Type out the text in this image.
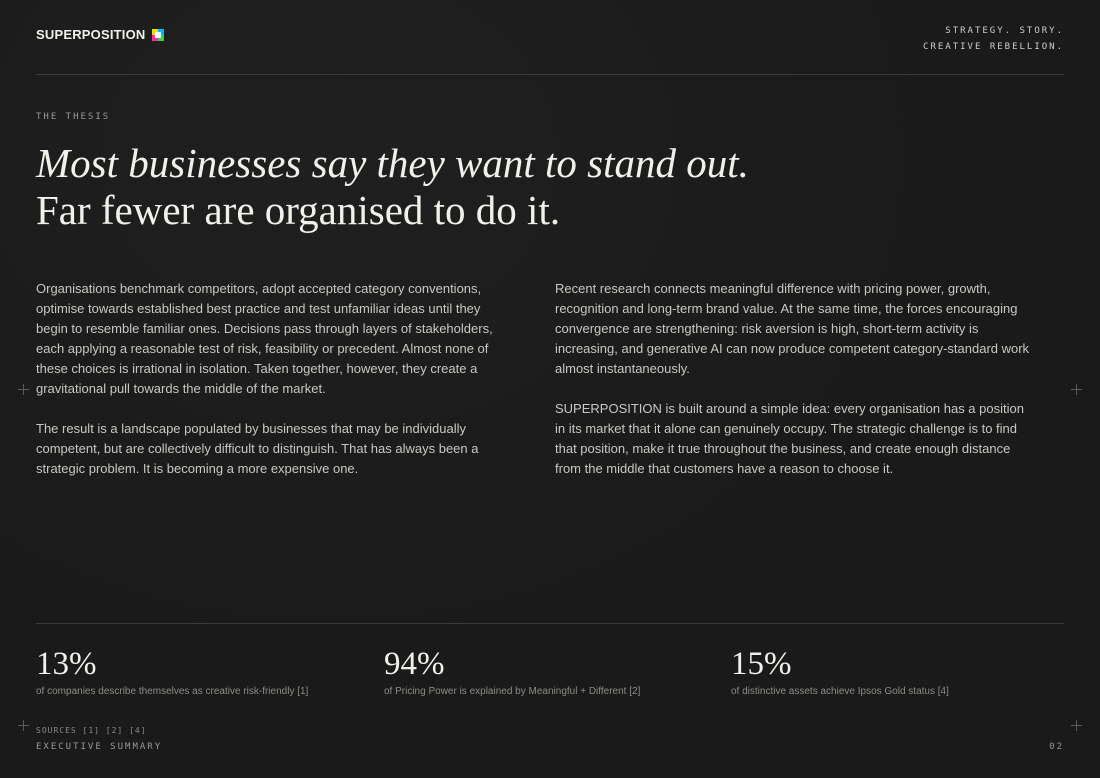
SUPERPOSITION	STRATEGY. STORY.
CREATIVE REBELLION.
THE THESIS
Most businesses say they want to stand out.
Far fewer are organised to do it.

Organisations benchmark competitors, adopt accepted category conventions, optimise towards established best practice and test unfamiliar ideas until they begin to resemble familiar ones. Decisions pass through layers of stakeholders, each applying a reasonable test of risk, feasibility or precedent. Almost none of these choices is irrational in isolation. Taken together, however, they create a gravitational pull towards the middle of the market.

The result is a landscape populated by businesses that may be individually competent, but are collectively difficult to distinguish. That has always been a strategic problem. It is becoming a more expensive one.

Recent research connects meaningful difference with pricing power, growth, recognition and long-term brand value. At the same time, the forces encouraging convergence are strengthening: risk aversion is high, short-term activity is increasing, and generative AI can now produce competent category-standard work almost instantaneously.

SUPERPOSITION is built around a simple idea: every organisation has a position in its market that it alone can genuinely occupy. The strategic challenge is to find that position, make it true throughout the business, and create enough distance from the middle that customers have a reason to choose it.

13%
of companies describe themselves as creative risk-friendly [1]
94%
of Pricing Power is explained by Meaningful + Different [2]
15%
of distinctive assets achieve Ipsos Gold status [4]
SOURCES [1] [2] [4]
EXECUTIVE SUMMARY	02
